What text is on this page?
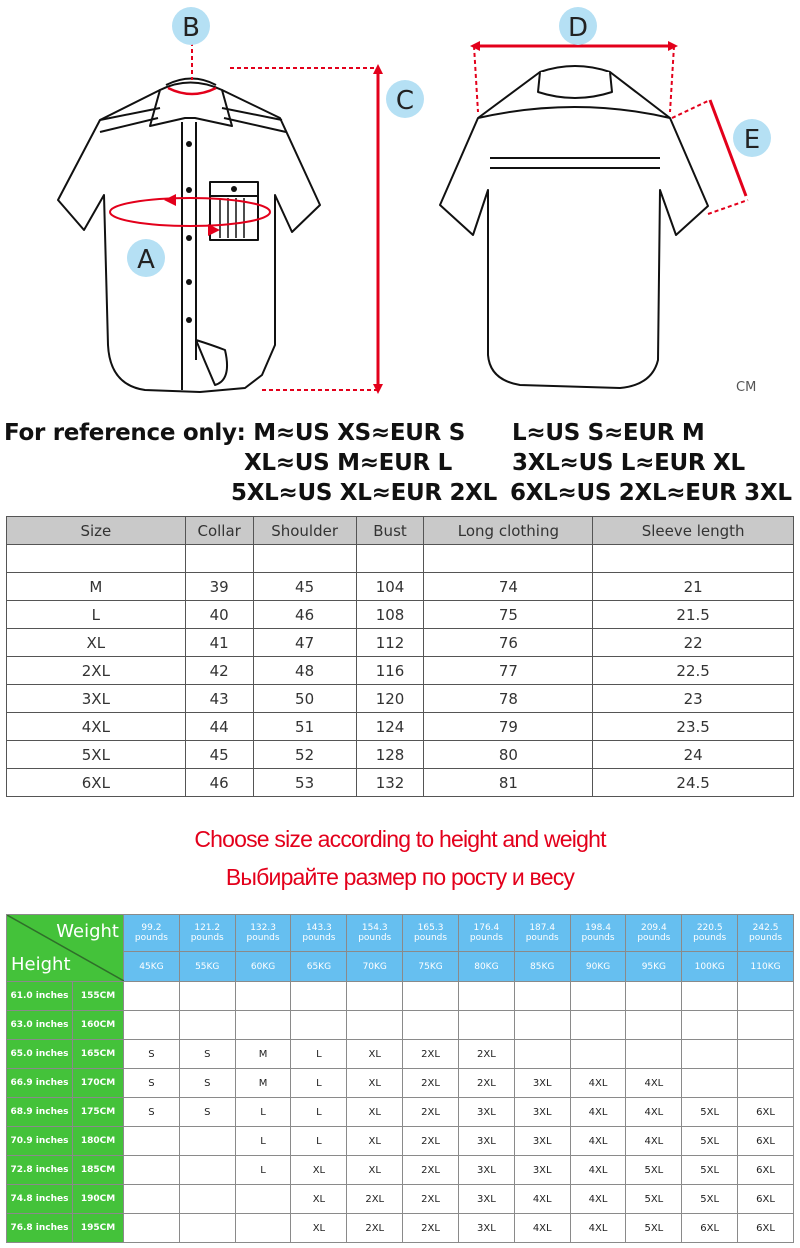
A
B
C
D
E
CM
For reference only: M≈US XS≈EUR S L≈US S≈EUR M
XL≈US M≈EUR L	3XL≈US L≈EUR XL
5XL≈US XL≈EUR 2XL 6XL≈US 2XL≈EUR 3XL
Size	Collar	Shoulder	Bust	Long clothing	Sleeve length

M	39	45	104	74	21
L	40	46	108	75	21.5
XL	41	47	112	76	22
2XL	42	48	116	77	22.5
3XL	43	50	120	78	23
4XL	44	51	124	79	23.5
5XL	45	52	128	80	24
6XL	46	53	132	81	24.5
Choose size according to height and weight
Выбирайте размер по росту и весу
Weight
Height		99.2 pounds	121.2 pounds	132.3 pounds	143.3 pounds	154.3 pounds	165.3 pounds	176.4 pounds	187.4 pounds	198.4 pounds	209.4 pounds	220.5 pounds	242.5 pounds
		45KG	55KG	60KG	65KG	70KG	75KG	80KG	85KG	90KG	95KG	100KG	110KG
61.0 inches	155CM												
63.0 inches	160CM												
65.0 inches	165CM	S	S	M	L	XL	2XL	2XL					
66.9 inches	170CM	S	S	M	L	XL	2XL	2XL	3XL	4XL	4XL		
68.9 inches	175CM	S	S	L	L	XL	2XL	3XL	3XL	4XL	4XL	5XL	6XL
70.9 inches	180CM			L	L	XL	2XL	3XL	3XL	4XL	4XL	5XL	6XL
72.8 inches	185CM			L	XL	XL	2XL	3XL	3XL	4XL	5XL	5XL	6XL
74.8 inches	190CM				XL	2XL	2XL	3XL	4XL	4XL	5XL	5XL	6XL
76.8 inches	195CM				XL	2XL	2XL	3XL	4XL	4XL	5XL	6XL	6XL
